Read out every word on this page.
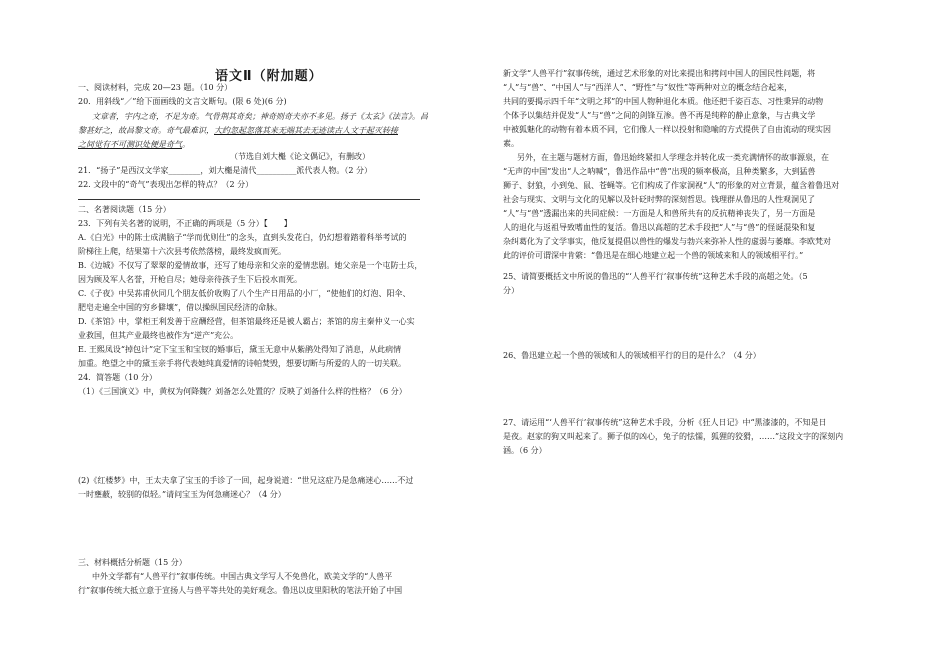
语文Ⅱ（附加题）
一、阅读材料，完成 20—23 题。（10 分）
20．用斜线“／”给下面画线的文言文断句。(限 6 处)(6 分)
文章者，宇内之奇，不足为奇。气骨荆其奇矣；神奇则奇夫亦不多见。扬子《太玄》《法言》。昌
黎甚好之，故昌黎文奇。奇气最难识，大约忽起忽落其来无端其去无迹读古人文于起灭转接
之间觉有不可测识处便是奇气。
（节选自刘大櫆《论文偶记》，有删改）
21．“扬子”是西汉文学家________，刘大櫆是清代__________派代表人物。（2 分）
22. 文段中的“奇气”表现出怎样的特点？（2 分）
二、名著阅读题（15 分）
23．下列有关名著的说明，不正确的两项是（5 分）【　　】
A.《白光》中的陈士成满脑子“学而优则仕”的念头，直到头发花白，仍幻想着踏着科举考试的
阶梯往上爬，结果第十六次县考依然落榜，最终发疯而死。
B.《边城》不仅写了翠翠的爱情故事，还写了她母亲和父亲的爱情悲剧。她父亲是一个屯防士兵，
因为顾及军人名誉，开枪自尽；她母亲待孩子生下后投水而死。
C.《子夜》中吴荪甫伙同几个朋友低价收购了八个生产日用品的小厂，“使他们的灯泡、阳伞、
肥皂走遍全中国的穷乡僻壤”，借以操纵国民经济的命脉。
D.《茶馆》中，掌柜王利发善于应酬经营，但茶馆最终还是被人霸占；茶馆的房主秦仲义一心实
业救国，但其产业最终也被作为“逆产”充公。
E. 王熙凤设“掉包计”定下宝玉和宝钗的婚事后，黛玉无意中从紫鹃处得知了消息，从此病情
加重。绝望之中的黛玉亲手将代表她纯真爱情的诗帕焚毁，想要切断与所爱的人的一切关联。
24．简答题（10 分）
（1）《三国演义》中，黄权为何降魏？刘备怎么处置的？反映了刘备什么样的性格？（6 分）
(2)《红楼梦》中，王太夫拿了宝玉的手诊了一回，起身说道：“世兄这症乃是急痛迷心……不过
一时壅蔽，较别的似轻。”请问宝玉为何急痛迷心？（4 分）
三、材料概括分析题（15 分）
中外文学都有“人兽平行”叙事传统。中国古典文学写人不免兽化，欧美文学的“人兽平
行”叙事传统大抵立意于宣扬人与兽平等共处的美好观念。鲁迅以皮里阳秋的笔法开始了中国
新文学“人兽平行”叙事传统，通过艺术形象的对比来提出和拷问中国人的国民性问题，将
“人”与“兽”、“中国人”与“西洋人”、“野性”与“奴性”等两种对立的概念结合起来，
共同的要揭示四千年“文明之邦”的中国人物种退化本质。他还把千姿百态、习性秉异的动物
个体予以集结并促发“人”与“兽”之间的剑锋互渗。兽不再是纯粹的静止意象，与古典文学
中被狐魅化的动物有着本质不同，它们像人一样以投射和隐喻的方式提供了自由流动的现实因
素。
另外，在主题与题材方面，鲁迅始终紧扣人学理念并转化成一类充满情怀的故事源泉，在
“无声的中国”发出“人之呐喊”，鲁迅作品中“兽”出现的频率极高，且种类繁多，大到猛兽
狮子、豺狼，小到兔、鼠、苍蝇等。它们构成了作家洞视“人”的形象的对立背景，蕴含着鲁迅对
社会与现实、文明与文化的见解以及针砭时弊的深刻哲思。钱理群从鲁迅的人性观洞见了
“人”与“兽”透漏出来的共同症候：一方面是人和兽所共有的反抗精神丧失了，另一方面是
人的退化与返祖导致嗜血性的复活。鲁迅以高超的艺术手段把“人”与“兽”的怪诞混染和复
杂纠葛化为了文学事实，他反复提倡以兽性的爆发与勃兴来弥补人性的虚弱与萎靡。李欧梵对
此的评价可谓深中肯綮：“鲁迅是在细心地建立起一个兽的领域来和人的领域相平行。”
25、请简要概括文中所说的鲁迅的“‘人兽平行’叙事传统”这种艺术手段的高超之处。（5
分）
26、鲁迅建立起一个兽的领域和人的领域相平行的目的是什么？（4 分）
27、请运用“‘人兽平行’叙事传统”这种艺术手段，分析《狂人日记》中“黑漆漆的，不知是日
是夜。赵家的狗又叫起来了。狮子似的凶心，兔子的怯懦，狐狸的狡猾，……”这段文字的深刻内
涵。（6 分）
